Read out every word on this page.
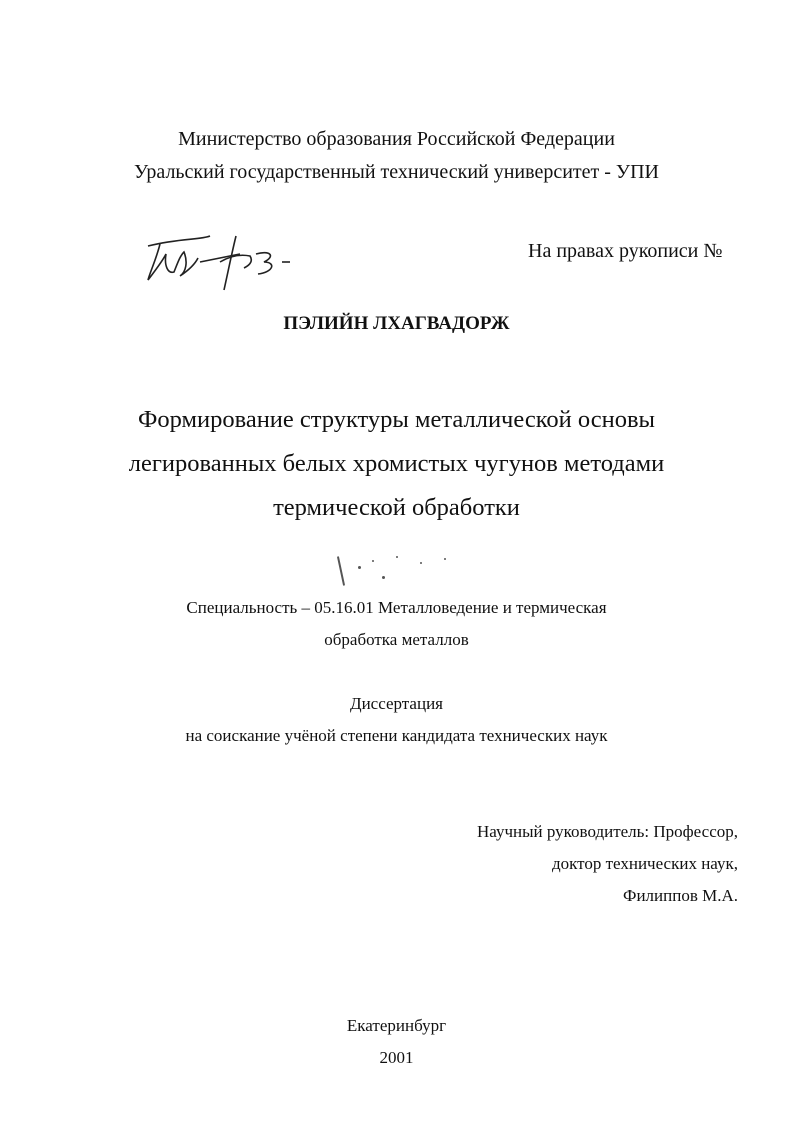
Министерство образования Российской Федерации
Уральский государственный технический университет - УПИ
На правах рукописи №
ПЭЛИЙН ЛХАГВАДОРЖ
Формирование структуры металлической основы
легированных белых хромистых чугунов методами
термической обработки
Специальность – 05.16.01 Металловедение и термическая
обработка металлов
Диссертация
на соискание учёной степени кандидата технических наук
Научный руководитель: Профессор,
доктор технических наук,
Филиппов М.А.
Екатеринбург
2001
